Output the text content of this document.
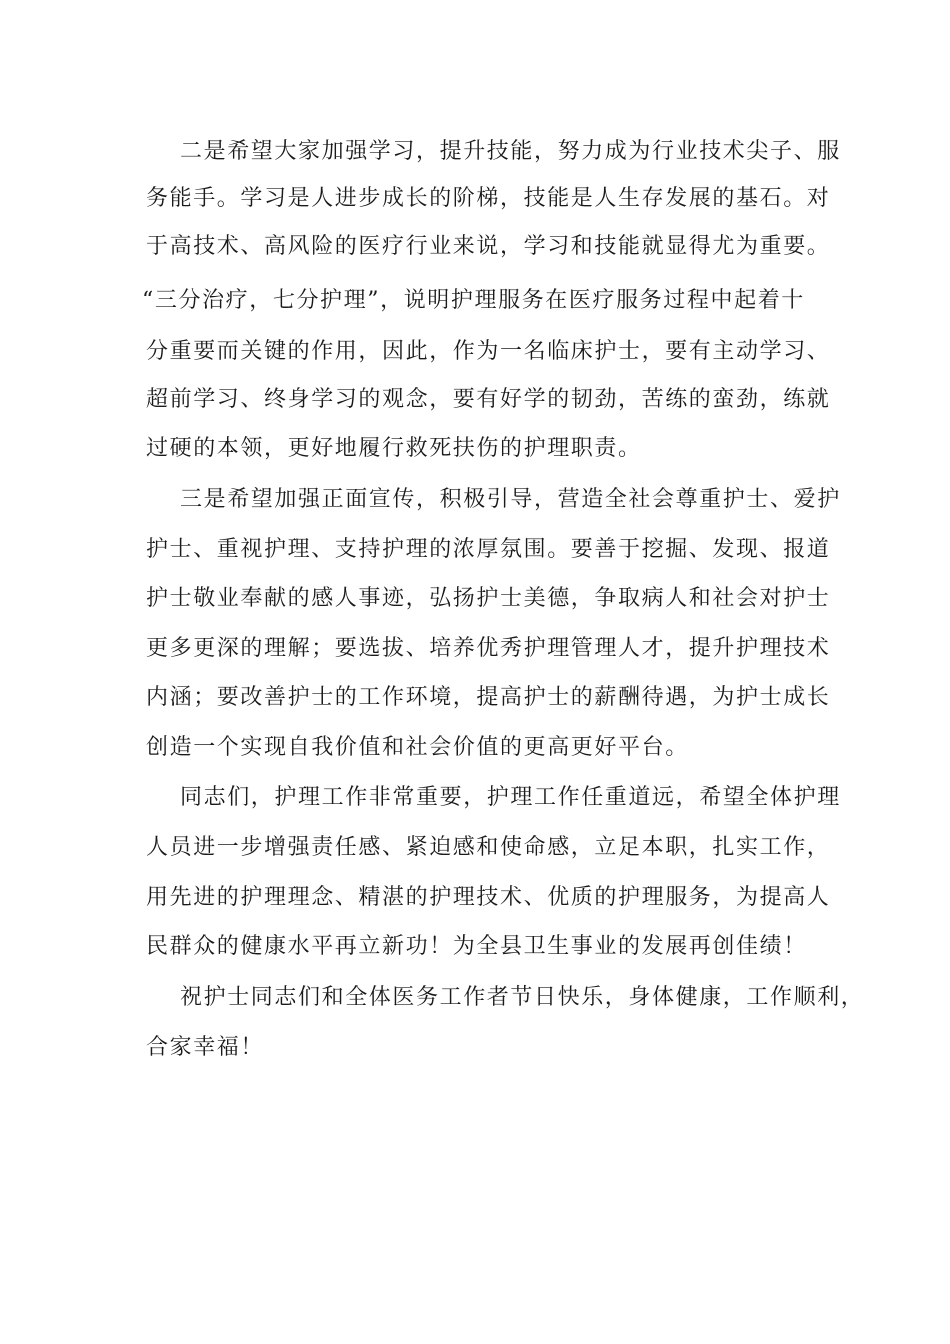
二是希望大家加强学习，提升技能，努力成为行业技术尖子、服
务能手。学习是人进步成长的阶梯，技能是人生存发展的基石。对
于高技术、高风险的医疗行业来说，学习和技能就显得尤为重要。
“三分治疗，七分护理”，说明护理服务在医疗服务过程中起着十
分重要而关键的作用，因此，作为一名临床护士，要有主动学习、
超前学习、终身学习的观念，要有好学的韧劲，苦练的蛮劲，练就
过硬的本领，更好地履行救死扶伤的护理职责。
三是希望加强正面宣传，积极引导，营造全社会尊重护士、爱护
护士、重视护理、支持护理的浓厚氛围。要善于挖掘、发现、报道
护士敬业奉献的感人事迹，弘扬护士美德，争取病人和社会对护士
更多更深的理解；要选拔、培养优秀护理管理人才，提升护理技术
内涵；要改善护士的工作环境，提高护士的薪酬待遇，为护士成长
创造一个实现自我价值和社会价值的更高更好平台。
同志们，护理工作非常重要，护理工作任重道远，希望全体护理
人员进一步增强责任感、紧迫感和使命感，立足本职，扎实工作，
用先进的护理理念、精湛的护理技术、优质的护理服务，为提高人
民群众的健康水平再立新功！为全县卫生事业的发展再创佳绩！
祝护士同志们和全体医务工作者节日快乐，身体健康，工作顺利，
合家幸福！
